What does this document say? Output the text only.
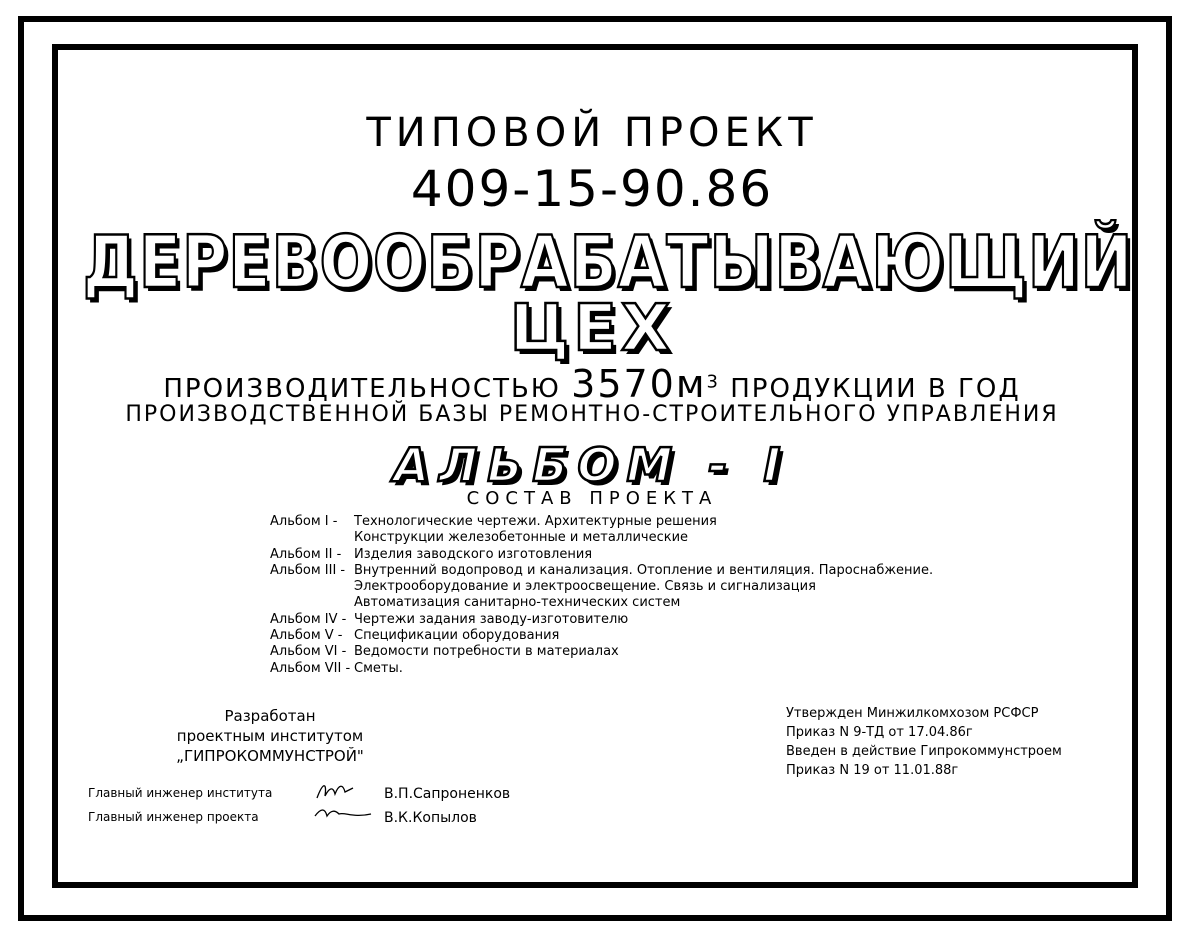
ТИПОВОЙ ПРОЕКТ
409-15-90.86
ДЕРЕВООБРАБАТЫВАЮЩИЙ
ЦЕХ
ПРОИЗВОДИТЕЛЬНОСТЬЮ $3570м^3$ ПРОДУКЦИИ В ГОД
ПРОИЗВОДСТВЕННОЙ БАЗЫ РЕМОНТНО-СТРОИТЕЛЬНОГО УПРАВЛЕНИЯ
АЛЬБОМ - I
СОСТАВ ПРОЕКТА
Альбом I -	Технологические чертежи. Архитектурные решения
Конструкции железобетонные и металлические
Альбом II - Изделия заводского изготовления
Альбом III - Внутренний водопровод и канализация. Отопление и вентиляция. Пароснабжение.
Электрооборудование и электроосвещение. Связь и сигнализация
Автоматизация санитарно-технических систем
Альбом IV - Чертежи задания заводу-изготовителю
Альбом V - Спецификации оборудования
Альбом VI - Ведомости потребности в материалах
Альбом VII - Сметы.
Разработан
проектным институтом
„ГИПРОКОММУНСТРОЙ"
Утвержден Минжилкомхозом РСФСР
Приказ N 9-ТД от 17.04.86г
Введен в действие Гипрокоммунстроем
Приказ N 19 от 11.01.88г
Главный инженер института	В.П.Сапроненков
Главный инженер проекта	В.К.Копылов
